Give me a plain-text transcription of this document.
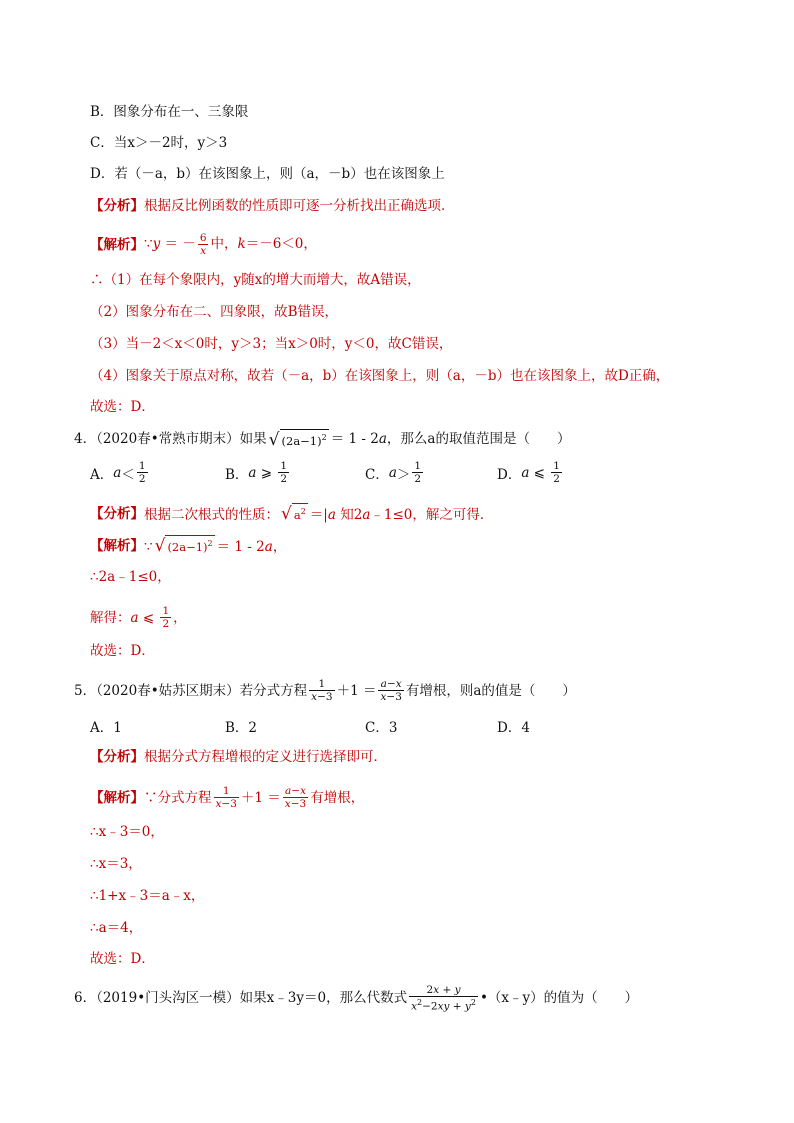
B．图象分布在一、三象限
C．当x＞－2时，y＞3
D．若（－a，b）在该图象上，则（a，－b）也在该图象上
【分析】 根据反比例函数的性质即可逐一分析找出正确选项．
【解析】 ∵y ＝ － $\frac{6}{x}$ 中，k＝－6＜0，
∴（1）在每个象限内，y随x的增大而增大，故A错误，
（2）图象分布在二、四象限，故B错误，
（3）当－2＜x＜0时，y＞3；当x＞0时，y＜0，故C错误，
（4）图象关于原点对称，故若（－a，b）在该图象上，则（a，－b）也在该图象上，故D正确，
故选：D．
4．（2020春•常熟市期末）如果 √ $(2a-1)^2 = 1 - 2a$ ，那么a的取值范围是（　　）
A． $a < \frac{1}{2}$	B． a ⩾ $\frac{1}{2}$	C． $a > \frac{1}{2}$	D． a ⩽ $\frac{1}{2}$
【分析】 根据二次根式的性质： √ $a^2 =|a$ 知2a﹣1≤0，解之可得．
【解析】 ∵ √ $(2a-1)^2 = 1 - 2a$，
∴2a﹣1≤0，
解得： a ⩽ $\frac{1}{2}$ ，
故选：D．
5．（2020春•姑苏区期末）若分式方程 $\frac{1}{x-3} +1 = \frac{a-x}{x-3}$ 有增根，则a的值是（　　）
A．1	B．2	C．3	D．4
【分析】 根据分式方程增根的定义进行选择即可．
【解析】 ∵分式方程 $\frac{1}{x-3} +1 = \frac{a-x}{x-3}$ 有增根，
∴x﹣3＝0，
∴x＝3，
∴1+x﹣3＝a﹣x，
∴a＝4，
故选：D．
6．（2019•门头沟区一模）如果x﹣3y＝0，那么代数式 $\frac{2x + y}{x^2-2xy + y^2}$ •（x﹣y）的值为（　　）
